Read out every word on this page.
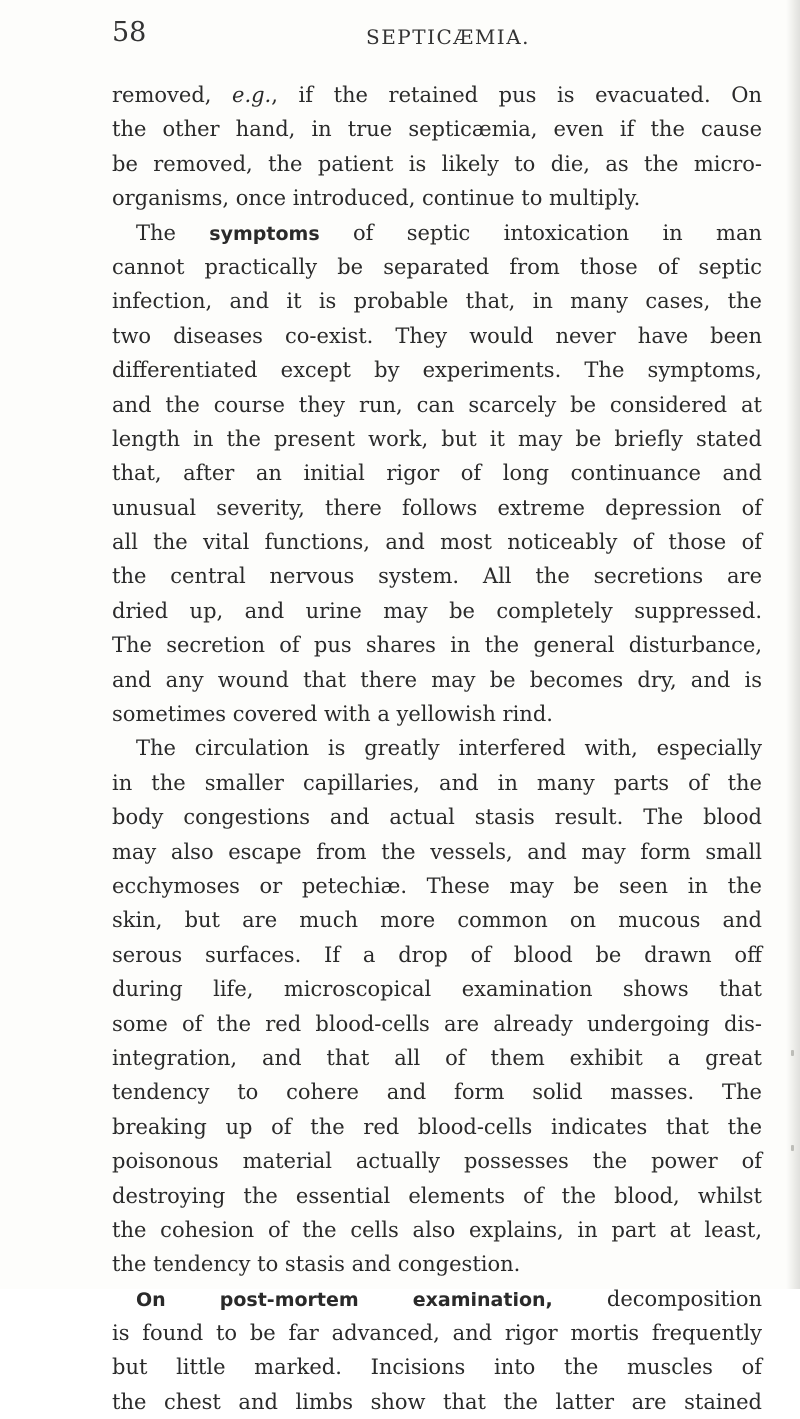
58	SEPTICÆMIA.
removed, e.g., if the retained pus is evacuated. On
the other hand, in true septicæmia, even if the cause
be removed, the patient is likely to die, as the micro-
organisms, once introduced, continue to multiply.
The symptoms of septic intoxication in man
cannot practically be separated from those of septic
infection, and it is probable that, in many cases, the
two diseases co-exist. They would never have been
differentiated except by experiments. The symptoms,
and the course they run, can scarcely be considered at
length in the present work, but it may be briefly stated
that, after an initial rigor of long continuance and
unusual severity, there follows extreme depression of
all the vital functions, and most noticeably of those of
the central nervous system. All the secretions are
dried up, and urine may be completely suppressed.
The secretion of pus shares in the general disturbance,
and any wound that there may be becomes dry, and is
sometimes covered with a yellowish rind.
The circulation is greatly interfered with, especially
in the smaller capillaries, and in many parts of the
body congestions and actual stasis result. The blood
may also escape from the vessels, and may form small
ecchymoses or petechiæ. These may be seen in the
skin, but are much more common on mucous and
serous surfaces. If a drop of blood be drawn off
during life, microscopical examination shows that
some of the red blood-cells are already undergoing dis-
integration, and that all of them exhibit a great
tendency to cohere and form solid masses. The
breaking up of the red blood-cells indicates that the
poisonous material actually possesses the power of
destroying the essential elements of the blood, whilst
the cohesion of the cells also explains, in part at least,
the tendency to stasis and congestion.
On post-mortem examination, decomposition
is found to be far advanced, and rigor mortis frequently
but little marked. Incisions into the muscles of
the chest and limbs show that the latter are stained
